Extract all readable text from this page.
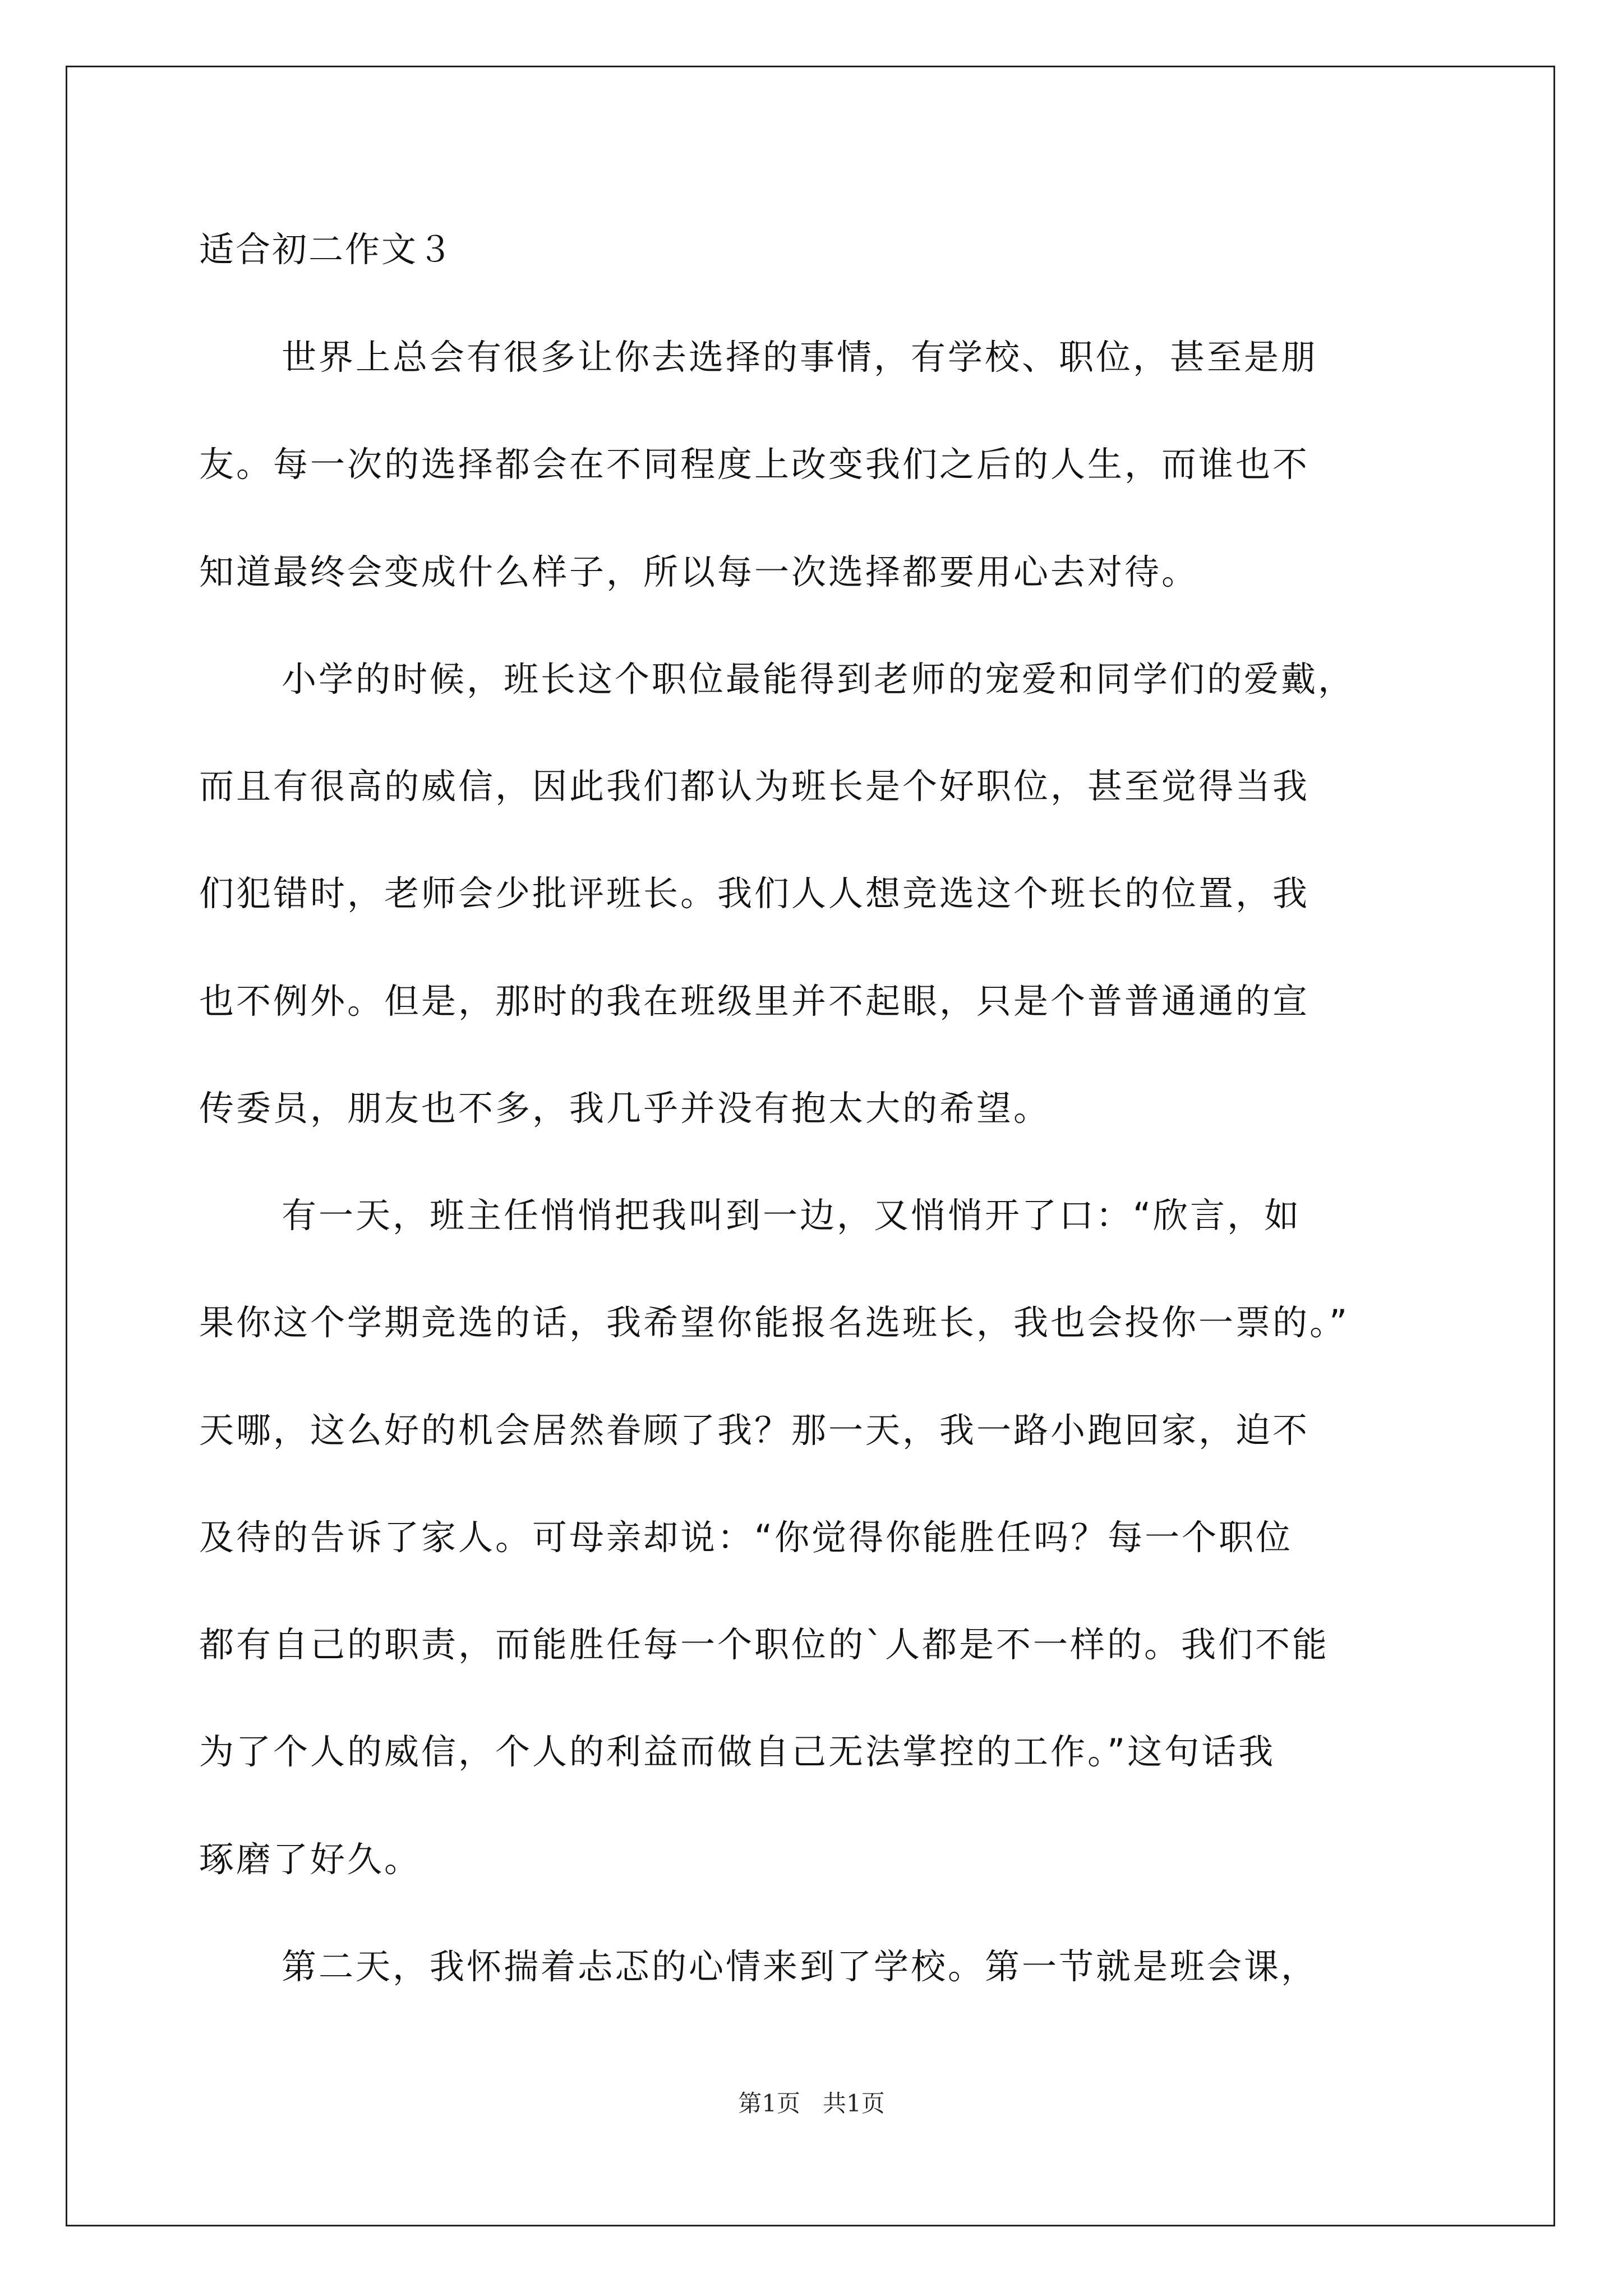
适合初二作文３

世界上总会有很多让你去选择的事情，有学校、职位，甚至是朋

友。每一次的选择都会在不同程度上改变我们之后的人生，而谁也不

知道最终会变成什么样子，所以每一次选择都要用心去对待。

小学的时候，班长这个职位最能得到老师的宠爱和同学们的爱戴，

而且有很高的威信，因此我们都认为班长是个好职位，甚至觉得当我

们犯错时，老师会少批评班长。我们人人想竞选这个班长的位置，我

也不例外。但是，那时的我在班级里并不起眼，只是个普普通通的宣

传委员，朋友也不多，我几乎并没有抱太大的希望。

有一天，班主任悄悄把我叫到一边，又悄悄开了口：“欣言，如

果你这个学期竞选的话，我希望你能报名选班长，我也会投你一票的。”

天哪，这么好的机会居然眷顾了我？那一天，我一路小跑回家，迫不

及待的告诉了家人。可母亲却说：“你觉得你能胜任吗？每一个职位

都有自己的职责，而能胜任每一个职位的`人都是不一样的。我们不能

为了个人的威信，个人的利益而做自己无法掌控的工作。”这句话我

琢磨了好久。

第二天，我怀揣着忐忑的心情来到了学校。第一节就是班会课，

第1页 共1页
